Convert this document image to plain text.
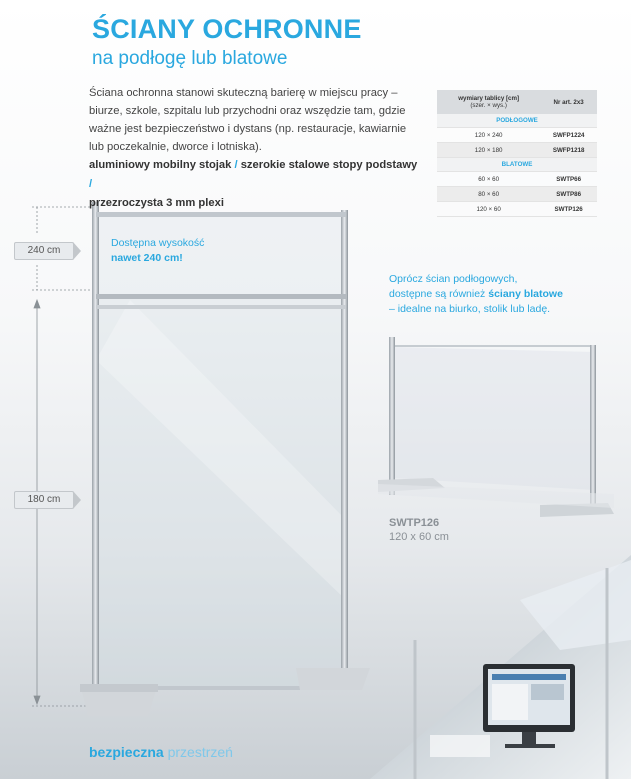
ŚCIANY OCHRONNE
na podłogę lub blatowe
Ściana ochronna stanowi skuteczną barierę w miejscu pracy – biurze, szkole, szpitalu lub przychodni oraz wszędzie tam, gdzie ważne jest bezpieczeństwo i dystans (np. restauracje, kawiarnie lub poczekalnie, dworce i lotniska).
aluminiowy mobilny stojak / szerokie stalowe stopy podstawy /
przezroczysta 3 mm plexi
wymiary tablicy [cm]
(szer. × wys.)	Nr art. 2x3
PODŁOGOWE	
120 × 240	SWFP1224
120 × 180	SWFP1218
BLATOWE	
60 × 60	SWTP66
80 × 60	SWTP86
120 × 60	SWTP126
240 cm
180 cm
Dostępna wysokość
nawet 240 cm!
Oprócz ścian podłogowych,
dostępne są również ściany blatowe
– idealne na biurko, stolik lub ladę.
SWTP126
120 x 60 cm
bezpieczna przestrzeń
